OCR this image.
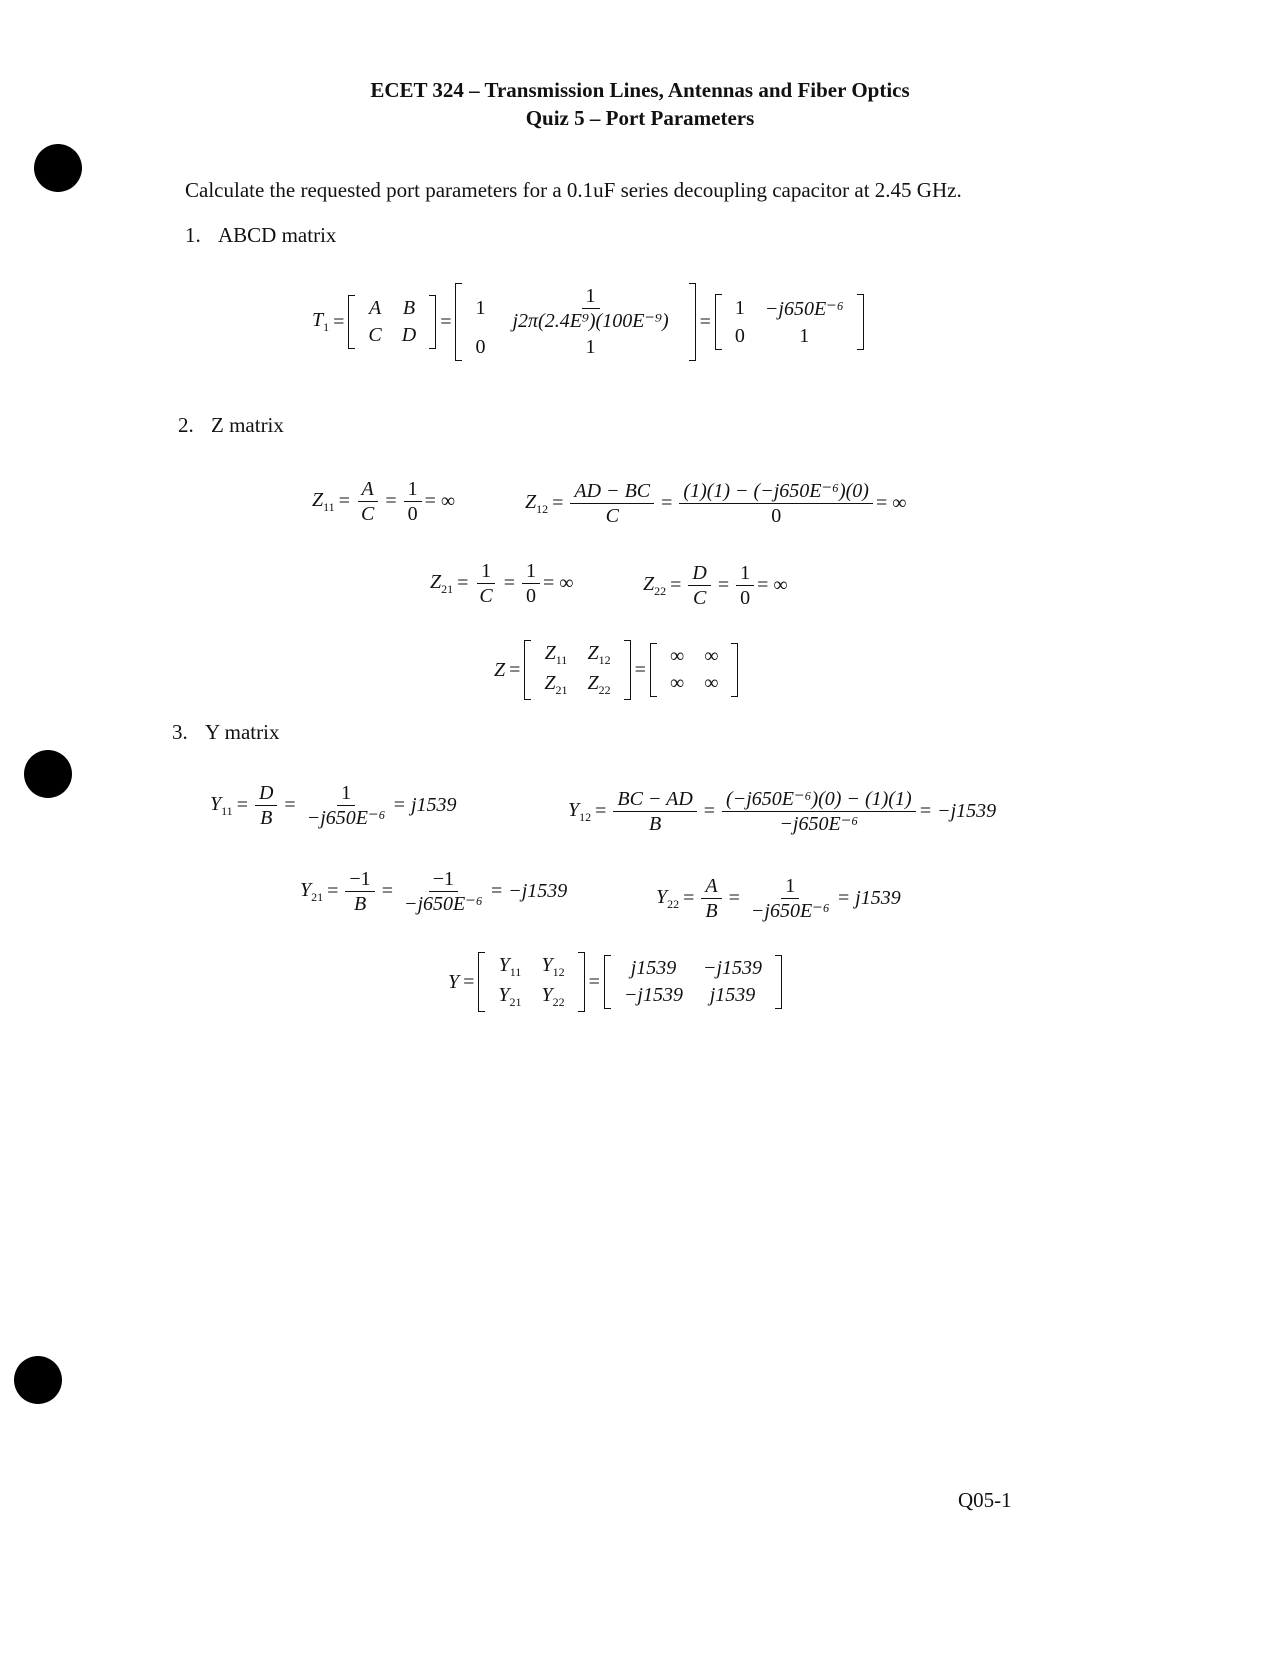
ECET 324 – Transmission Lines, Antennas and Fiber Optics
Quiz 5 – Port Parameters
Calculate the requested port parameters for a 0.1uF series decoupling capacitor at 2.45 GHz.
1. ABCD matrix
$T_1$ =
A	B
C	D
=
1	$\frac{1}{\text{j2π(2.4E⁹)(100E⁻⁹)}}$

0	1
=
1	−j650E⁻⁶
0	1
2. Z matrix
$Z_{11} = \frac{A}{C} = \frac{1}{0}$ = ∞	$Z_{12} = \frac{AD - BC}{C} = \frac{\text{(1)(1) − (−j650E⁻⁶)(0)}}{0}$ = ∞
$Z_{21} = \frac{1}{C} = \frac{1}{0}$ = ∞	$Z_{22} = \frac{D}{C} = \frac{1}{0}$ = ∞
Z =
$Z_{11}$	$Z_{12}$
$Z_{21}$	$Z_{22}$
=
∞	∞
∞	∞
3. Y matrix
$Y_{11} = \frac{D}{B} = \frac{1}{\text{−j650E⁻⁶}} = j1539$	$Y_{12} = \frac{BC - AD}{B} = \frac{\text{(−j650E⁻⁶)(0) − (1)(1)}}{\text{−j650E⁻⁶}} = -j1539$
$Y_{21} = \frac{-1}{B} = \frac{-1}{\text{−j650E⁻⁶}} = -j1539$	$Y_{22} = \frac{A}{B} = \frac{1}{\text{−j650E⁻⁶}} = j1539$
Y =
$Y_{11}$	$Y_{12}$
$Y_{21}$	$Y_{22}$
=
j1539	−j1539
−j1539	j1539
Q05-1
